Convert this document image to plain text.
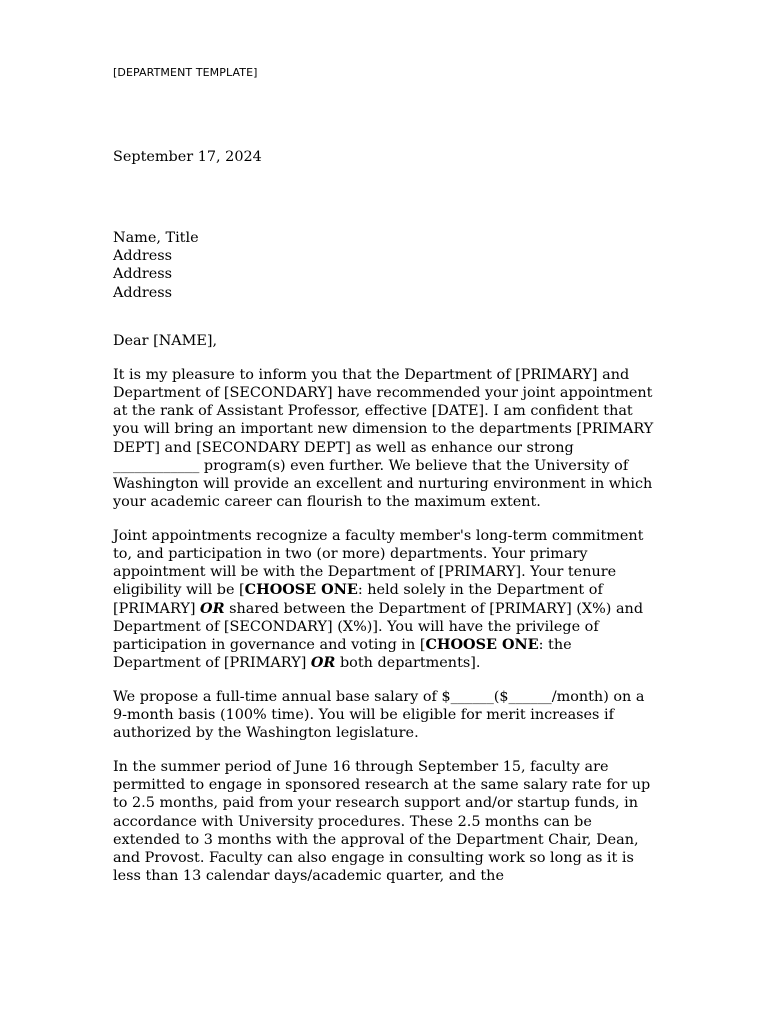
[DEPARTMENT TEMPLATE]
September 17, 2024
Name, Title
Address
Address
Address

Dear [NAME],

It is my pleasure to inform you that the Department of [PRIMARY] and Department of [SECONDARY] have recommended your joint appointment at the rank of Assistant Professor, effective [DATE]. I am confident that you will bring an important new dimension to the departments [PRIMARY DEPT] and [SECONDARY DEPT] as well as enhance our strong ____________ program(s) even further. We believe that the University of Washington will provide an excellent and nurturing environment in which your academic career can flourish to the maximum extent.

Joint appointments recognize a faculty member's long-term commitment to, and participation in two (or more) departments. Your primary appointment will be with the Department of [PRIMARY]. Your tenure eligibility will be [CHOOSE ONE: held solely in the Department of [PRIMARY] OR shared between the Department of [PRIMARY] (X%) and Department of [SECONDARY] (X%)]. You will have the privilege of participation in governance and voting in [CHOOSE ONE: the Department of [PRIMARY] OR both departments].

We propose a full-time annual base salary of $______($______/month) on a 9-month basis (100% time). You will be eligible for merit increases if authorized by the Washington legislature.

In the summer period of June 16 through September 15, faculty are permitted to engage in sponsored research at the same salary rate for up to 2.5 months, paid from your research support and/or startup funds, in accordance with University procedures. These 2.5 months can be extended to 3 months with the approval of the Department Chair, Dean, and Provost. Faculty can also engage in consulting work so long as it is less than 13 calendar days/academic quarter, and the
